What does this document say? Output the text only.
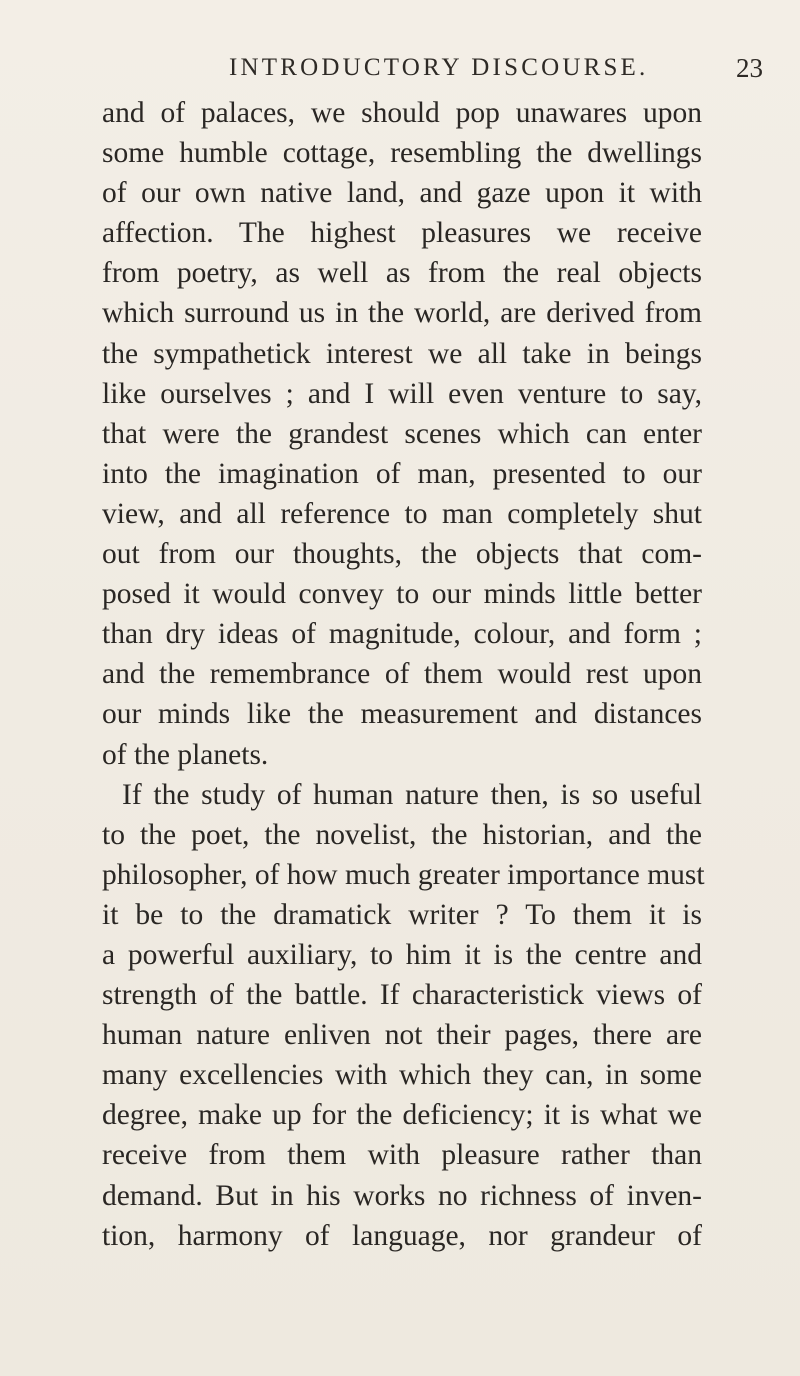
INTRODUCTORY DISCOURSE.	23
and of palaces, we should pop unawares upon
some humble cottage, resembling the dwellings
of our own native land, and gaze upon it with
affection. The highest pleasures we receive
from poetry, as well as from the real objects
which surround us in the world, are derived from
the sympathetick interest we all take in beings
like ourselves ; and I will even venture to say,
that were the grandest scenes which can enter
into the imagination of man, presented to our
view, and all reference to man completely shut
out from our thoughts, the objects that com-
posed it would convey to our minds little better
than dry ideas of magnitude, colour, and form ;
and the remembrance of them would rest upon
our minds like the measurement and distances
of the planets.
If the study of human nature then, is so useful
to the poet, the novelist, the historian, and the
philosopher, of how much greater importance must
it be to the dramatick writer ? To them it is
a powerful auxiliary, to him it is the centre and
strength of the battle. If characteristick views of
human nature enliven not their pages, there are
many excellencies with which they can, in some
degree, make up for the deficiency; it is what we
receive from them with pleasure rather than
demand. But in his works no richness of inven-
tion, harmony of language, nor grandeur of
